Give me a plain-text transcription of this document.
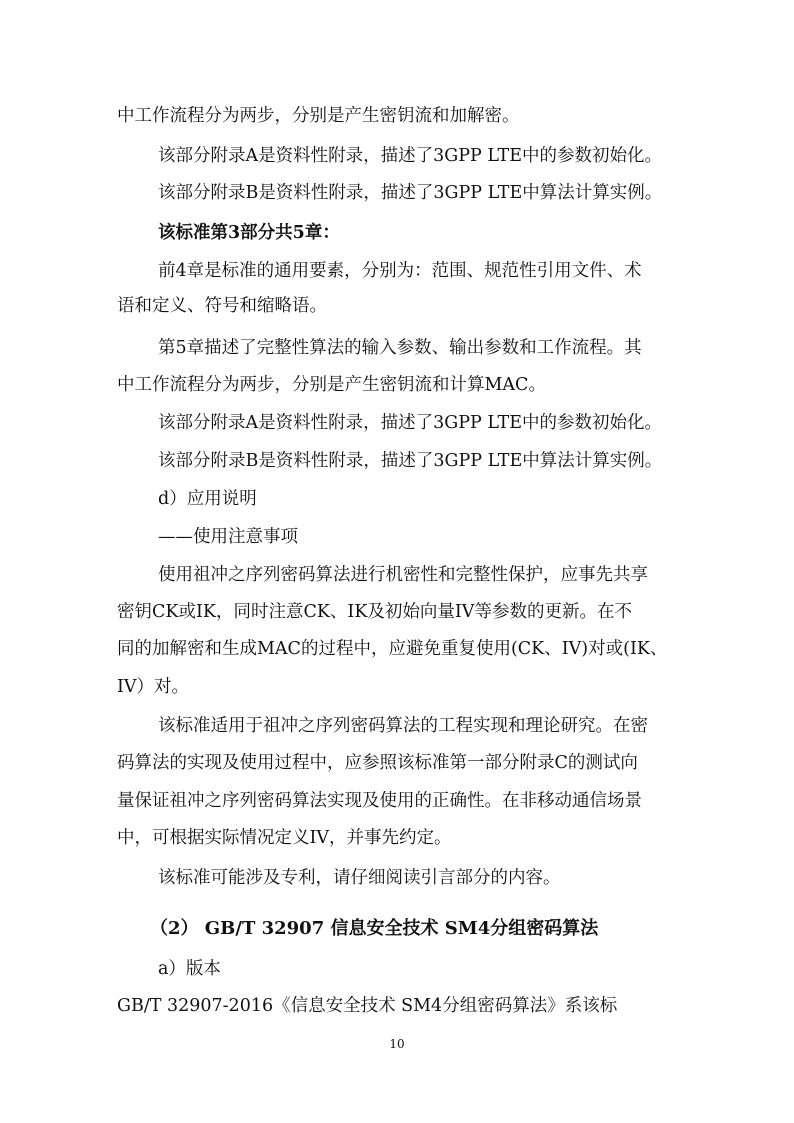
中工作流程分为两步，分别是产生密钥流和加解密。
该部分附录A是资料性附录，描述了3GPP LTE中的参数初始化。
该部分附录B是资料性附录，描述了3GPP LTE中算法计算实例。
该标准第3部分共5章：
前4章是标准的通用要素，分别为：范围、规范性引用文件、术
语和定义、符号和缩略语。
第5章描述了完整性算法的输入参数、输出参数和工作流程。其
中工作流程分为两步，分别是产生密钥流和计算MAC。
该部分附录A是资料性附录，描述了3GPP LTE中的参数初始化。
该部分附录B是资料性附录，描述了3GPP LTE中算法计算实例。
d）应用说明
——使用注意事项
使用祖冲之序列密码算法进行机密性和完整性保护，应事先共享
密钥CK或IK，同时注意CK、IK及初始向量IV等参数的更新。在不
同的加解密和生成MAC的过程中，应避免重复使用(CK、IV)对或(IK、
IV）对。
该标准适用于祖冲之序列密码算法的工程实现和理论研究。在密
码算法的实现及使用过程中，应参照该标准第一部分附录C的测试向
量保证祖冲之序列密码算法实现及使用的正确性。在非移动通信场景
中，可根据实际情况定义IV，并事先约定。
该标准可能涉及专利，请仔细阅读引言部分的内容。
（2） GB/T 32907 信息安全技术 SM4分组密码算法
a）版本
GB/T 32907-2016《信息安全技术 SM4分组密码算法》系该标
10
